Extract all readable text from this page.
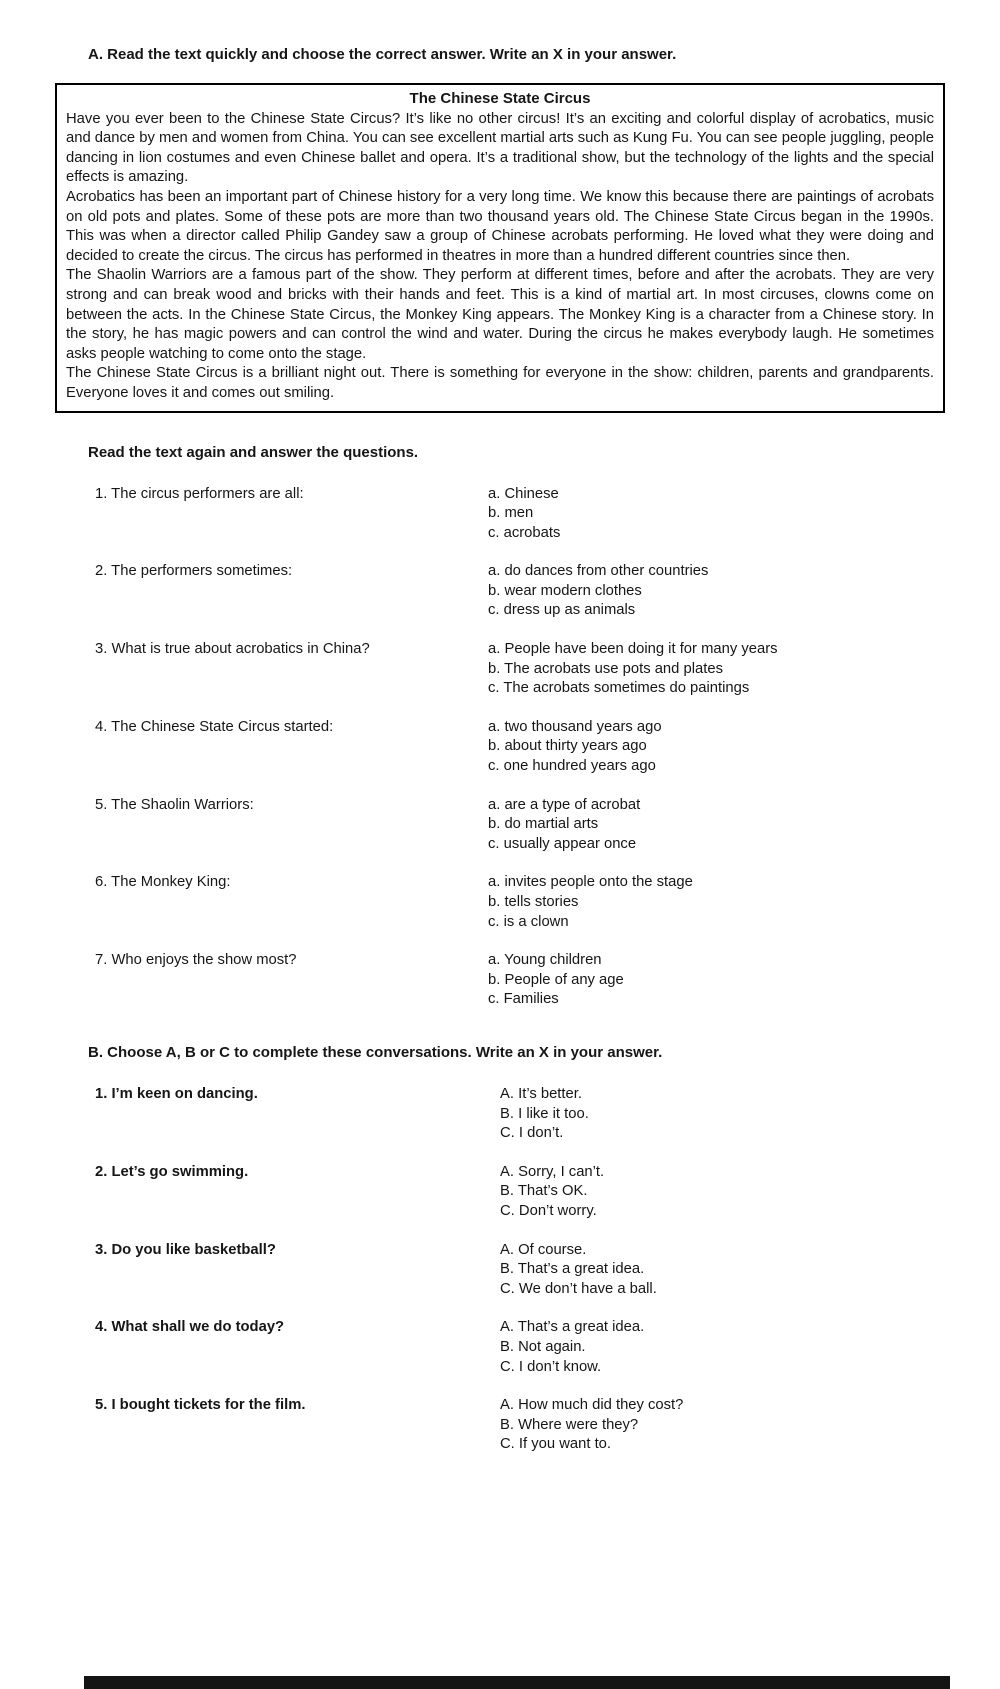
A. Read the text quickly and choose the correct answer. Write an X in your answer.
The Chinese State Circus

Have you ever been to the Chinese State Circus? It’s like no other circus! It’s an exciting and colorful display of acrobatics, music and dance by men and women from China. You can see excellent martial arts such as Kung Fu. You can see people juggling, people dancing in lion costumes and even Chinese ballet and opera. It’s a traditional show, but the technology of the lights and the special effects is amazing.

Acrobatics has been an important part of Chinese history for a very long time. We know this because there are paintings of acrobats on old pots and plates. Some of these pots are more than two thousand years old. The Chinese State Circus began in the 1990s. This was when a director called Philip Gandey saw a group of Chinese acrobats performing. He loved what they were doing and decided to create the circus. The circus has performed in theatres in more than a hundred different countries since then.

The Shaolin Warriors are a famous part of the show. They perform at different times, before and after the acrobats. They are very strong and can break wood and bricks with their hands and feet. This is a kind of martial art. In most circuses, clowns come on between the acts. In the Chinese State Circus, the Monkey King appears. The Monkey King is a character from a Chinese story. In the story, he has magic powers and can control the wind and water. During the circus he makes everybody laugh. He sometimes asks people watching to come onto the stage.

The Chinese State Circus is a brilliant night out. There is something for everyone in the show: children, parents and grandparents. Everyone loves it and comes out smiling.

Read the text again and answer the questions.
1. The circus performers are all:	a. Chinese
b. men
c. acrobats
2. The performers sometimes:	a. do dances from other countries
b. wear modern clothes
c. dress up as animals
3. What is true about acrobatics in China?	a. People have been doing it for many years
b. The acrobats use pots and plates
c. The acrobats sometimes do paintings
4. The Chinese State Circus started:	a. two thousand years ago
b. about thirty years ago
c. one hundred years ago
5. The Shaolin Warriors:	a. are a type of acrobat
b. do martial arts
c. usually appear once
6. The Monkey King:	a. invites people onto the stage
b. tells stories
c. is a clown
7. Who enjoys the show most?	a. Young children
b. People of any age
c. Families
B. Choose A, B or C to complete these conversations. Write an X in your answer.
1. I’m keen on dancing.	A. It’s better.
B. I like it too.
C. I don’t.
2. Let’s go swimming.	A. Sorry, I can’t.
B. That’s OK.
C. Don’t worry.
3. Do you like basketball?	A. Of course.
B. That’s a great idea.
C. We don’t have a ball.
4. What shall we do today?	A. That’s a great idea.
B. Not again.
C. I don’t know.
5. I bought tickets for the film.	A. How much did they cost?
B. Where were they?
C. If you want to.
